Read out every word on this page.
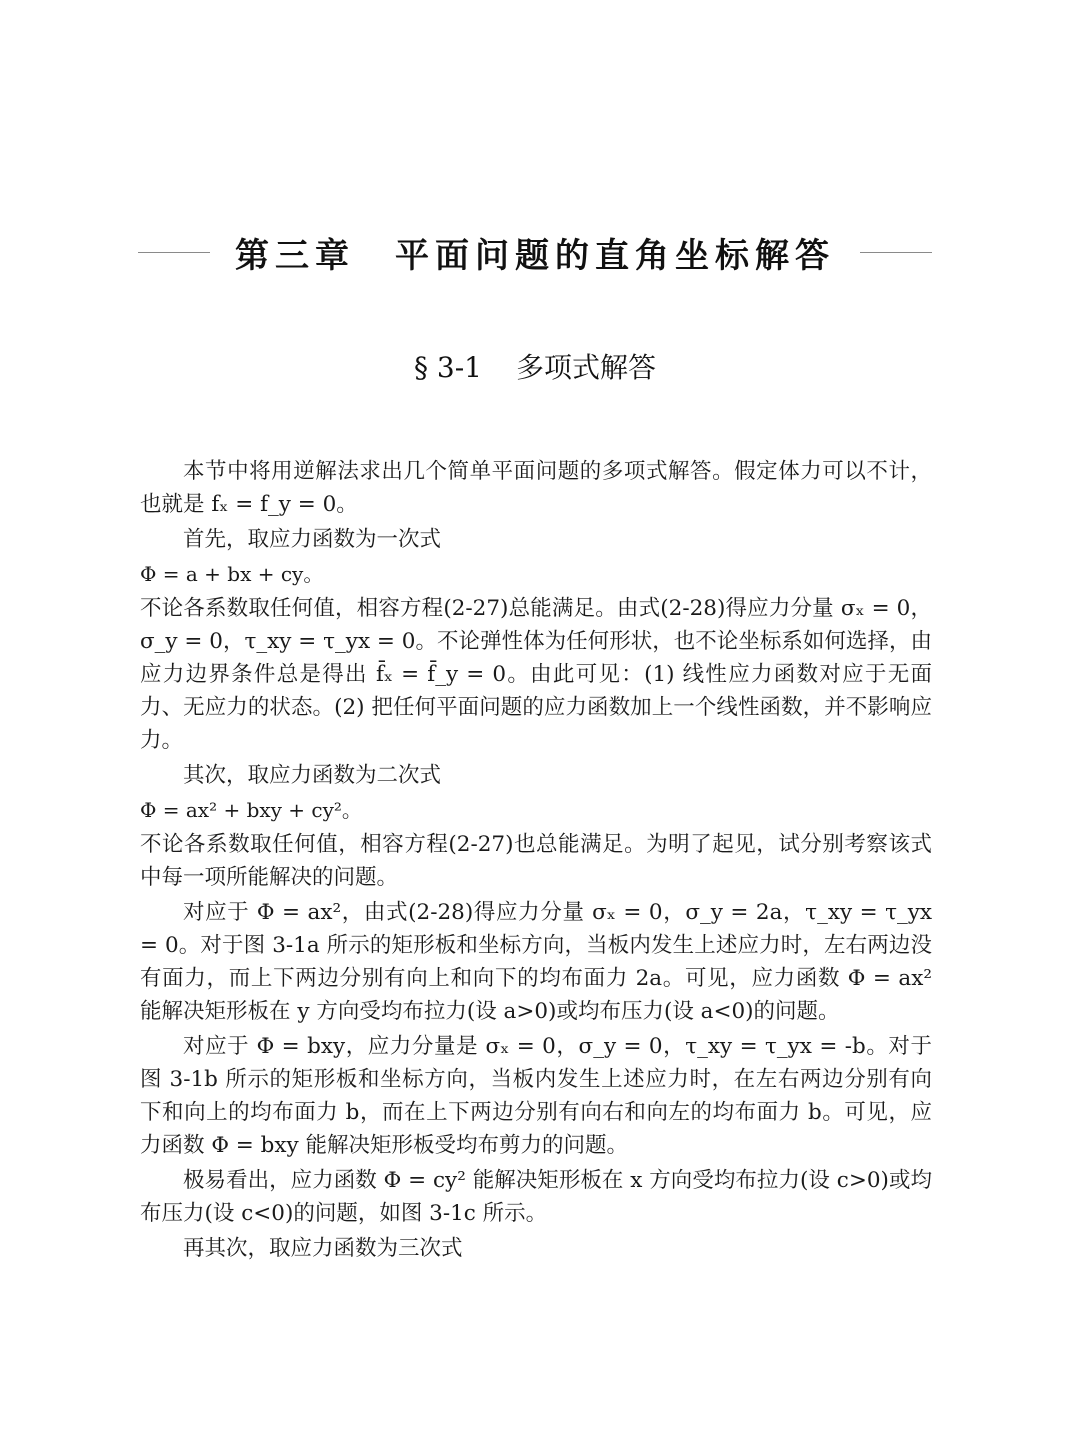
第三章　平面问题的直角坐标解答
§ 3-1 多项式解答

本节中将用逆解法求出几个简单平面问题的多项式解答。假定体力可以不计，也就是 fₓ = f_y = 0。

首先，取应力函数为一次式

Φ = a + bx + cy。

不论各系数取任何值，相容方程(2-27)总能满足。由式(2-28)得应力分量 σₓ = 0，σ_y = 0，τ_xy = τ_yx = 0。不论弹性体为任何形状，也不论坐标系如何选择，由应力边界条件总是得出 f̄ₓ = f̄_y = 0。由此可见：(1) 线性应力函数对应于无面力、无应力的状态。(2) 把任何平面问题的应力函数加上一个线性函数，并不影响应力。

其次，取应力函数为二次式

Φ = ax² + bxy + cy²。

不论各系数取任何值，相容方程(2-27)也总能满足。为明了起见，试分别考察该式中每一项所能解决的问题。

对应于 Φ = ax²，由式(2-28)得应力分量 σₓ = 0，σ_y = 2a，τ_xy = τ_yx = 0。对于图 3-1a 所示的矩形板和坐标方向，当板内发生上述应力时，左右两边没有面力，而上下两边分别有向上和向下的均布面力 2a。可见，应力函数 Φ = ax² 能解决矩形板在 y 方向受均布拉力(设 a>0)或均布压力(设 a<0)的问题。

对应于 Φ = bxy，应力分量是 σₓ = 0，σ_y = 0，τ_xy = τ_yx = -b。对于图 3-1b 所示的矩形板和坐标方向，当板内发生上述应力时，在左右两边分别有向下和向上的均布面力 b，而在上下两边分别有向右和向左的均布面力 b。可见，应力函数 Φ = bxy 能解决矩形板受均布剪力的问题。

极易看出，应力函数 Φ = cy² 能解决矩形板在 x 方向受均布拉力(设 c>0)或均布压力(设 c<0)的问题，如图 3-1c 所示。

再其次，取应力函数为三次式
